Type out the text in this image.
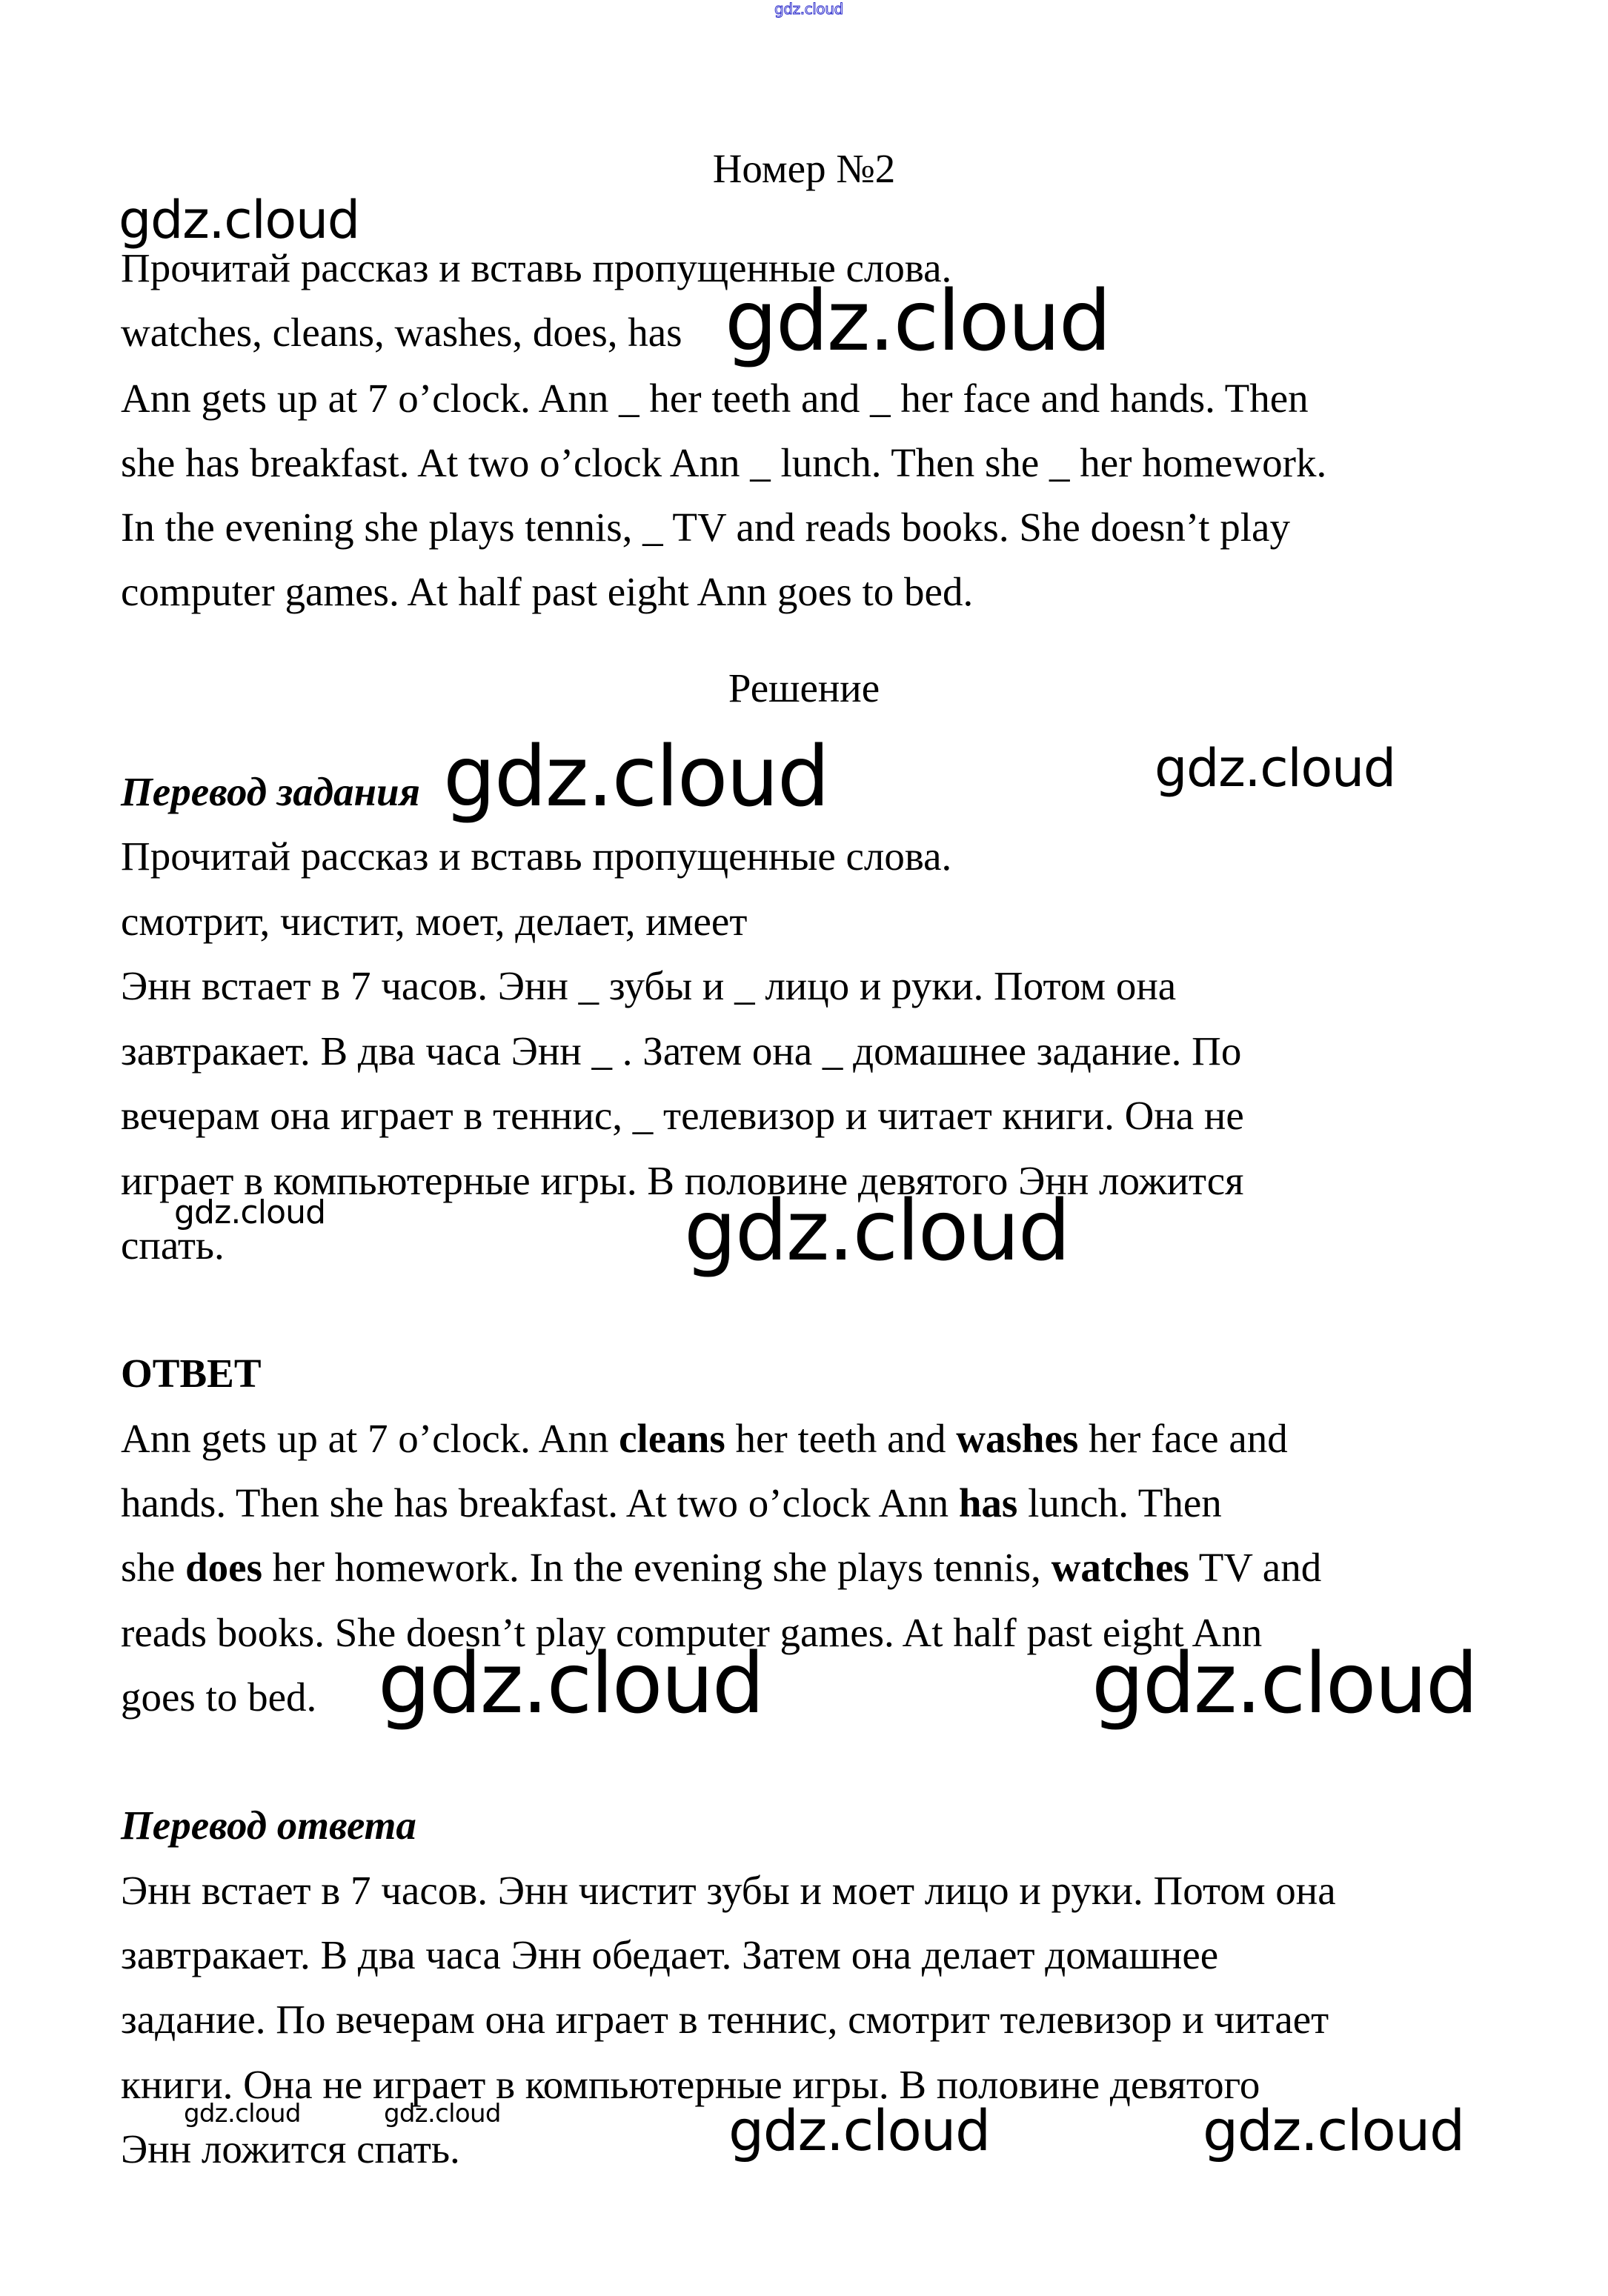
gdz.cloud
Номер №2
gdz.cloud
Прочитай рассказ и вставь пропущенные слова.
watches, cleans, washes, does, has gdz.cloud
Ann gets up at 7 o’clock. Ann _ her teeth and _ her face and hands. Then
she has breakfast. At two o’clock Ann _ lunch. Then she _ her homework.
In the evening she plays tennis, _ TV and reads books. She doesn’t play
computer games. At half past eight Ann goes to bed.
Решение
Перевод задания gdz.cloud	gdz.cloud
Прочитай рассказ и вставь пропущенные слова.
смотрит, чистит, моет, делает, имеет
Энн встает в 7 часов. Энн _ зубы и _ лицо и руки. Потом она
завтракает. В два часа Энн _ . Затем она _ домашнее задание. По
вечерам она играет в теннис, _ телевизор и читает книги. Она не
играет в компьютерные игры. В половине девятого Энн ложится
gdz.cloud
спать.	gdz.cloud
ОТВЕТ
Ann gets up at 7 o’clock. Ann cleans her teeth and washes her face and
hands. Then she has breakfast. At two o’clock Ann has lunch. Then
she does her homework. In the evening she plays tennis, watches TV and
reads books. She doesn’t play computer games. At half past eight Ann
goes to bed. gdz.cloud	gdz.cloud
Перевод ответа
Энн встает в 7 часов. Энн чистит зубы и моет лицо и руки. Потом она
завтракает. В два часа Энн обедает. Затем она делает домашнее
задание. По вечерам она играет в теннис, смотрит телевизор и читает
книги. Она не играет в компьютерные игры. В половине девятого
gdz.cloud	gdz.cloud
Энн ложится спать.	gdz.cloud	gdz.cloud
